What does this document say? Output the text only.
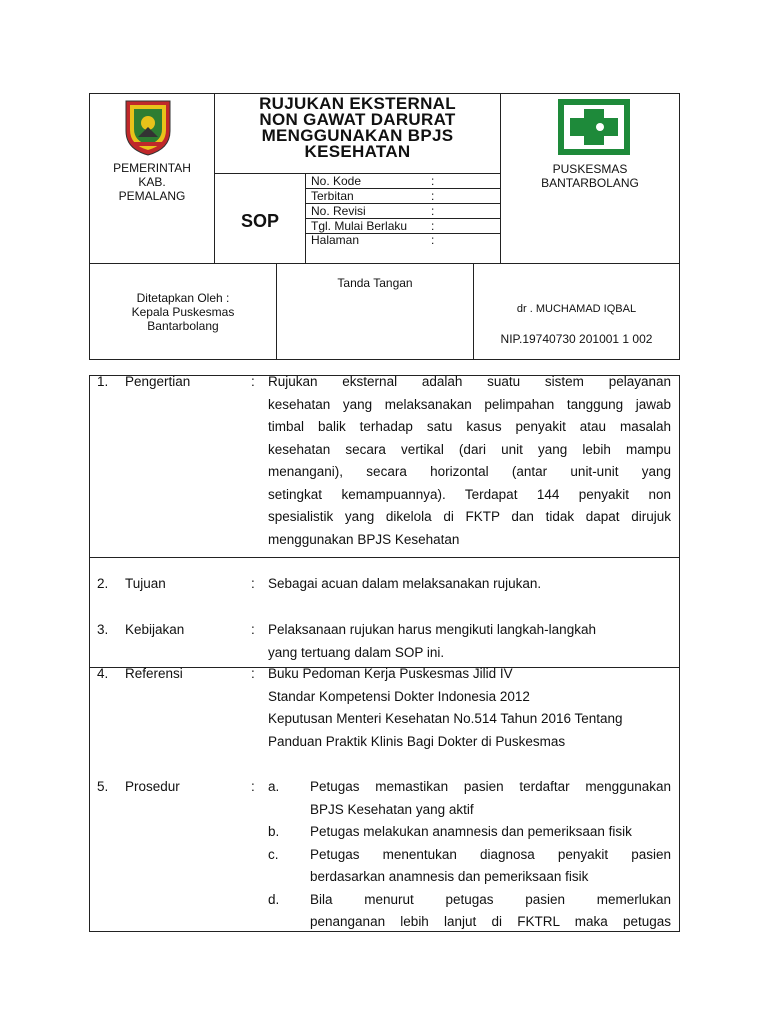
PEMERINTAH
KAB.
PEMALANG
RUJUKAN EKSTERNAL
NON GAWAT DARURAT
MENGGUNAKAN BPJS
KESEHATAN
SOP
No. Kode	:
Terbitan	:
No. Revisi	:
Tgl. Mulai Berlaku :
Halaman	:
PUSKESMAS
BANTARBOLANG
Ditetapkan Oleh :
Kepala Puskesmas
Bantarbolang
Tanda Tangan
dr . MUCHAMAD IQBAL
NIP.19740730 201001 1 002
1. Pengertian	: Rujukan eksternal adalah suatu sistem pelayanan
kesehatan yang melaksanakan pelimpahan tanggung jawab
timbal balik terhadap satu kasus penyakit atau masalah
kesehatan secara vertikal (dari unit yang lebih mampu
menangani), secara horizontal (antar unit-unit yang
setingkat kemampuannya). Terdapat 144 penyakit non
spesialistik yang dikelola di FKTP dan tidak dapat dirujuk
menggunakan BPJS Kesehatan
2. Tujuan	: Sebagai acuan dalam melaksanakan rujukan.
3. Kebijakan	: Pelaksanaan rujukan harus mengikuti langkah-langkah
yang tertuang dalam SOP ini.
4. Referensi	: Buku Pedoman Kerja Puskesmas Jilid IV
Standar Kompetensi Dokter Indonesia 2012
Keputusan Menteri Kesehatan No.514 Tahun 2016 Tentang
Panduan Praktik Klinis Bagi Dokter di Puskesmas
5. Prosedur	: a. Petugas memastikan pasien terdaftar menggunakan
BPJS Kesehatan yang aktif
b. Petugas melakukan anamnesis dan pemeriksaan fisik
c. Petugas menentukan diagnosa penyakit pasien
berdasarkan anamnesis dan pemeriksaan fisik
d. Bila menurut petugas pasien memerlukan
penanganan lebih lanjut di FKTRL maka petugas
